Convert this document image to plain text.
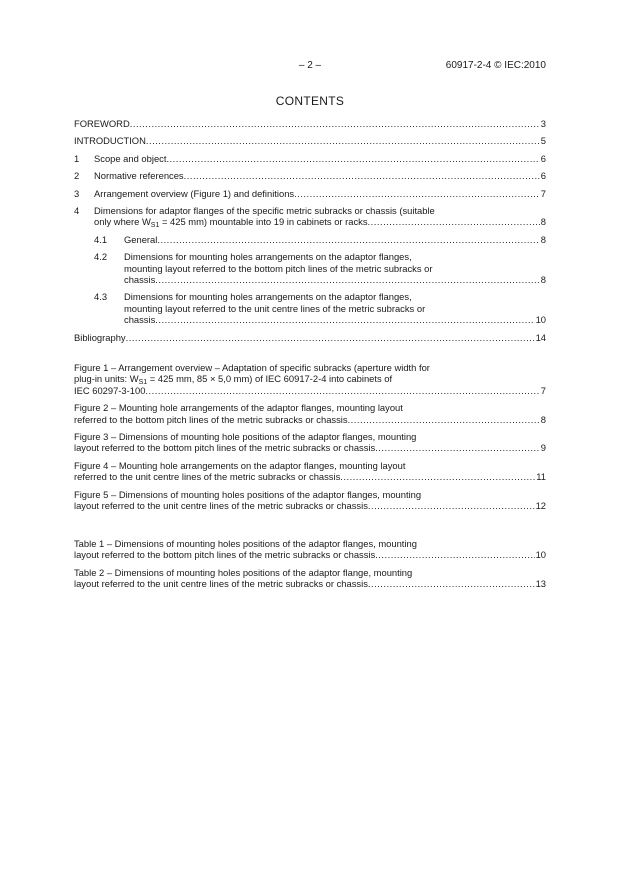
– 2 –	60917-2-4 © IEC:2010
CONTENTS
FOREWORD .....	3
INTRODUCTION .....	5
1 Scope and object .....	6
2 Normative references .....	6
3 Arrangement overview (Figure 1) and definitions .....	7
4 Dimensions for adaptor flanges of the specific metric subracks or chassis (suitable
only where $W_{S1} = 425$ mm) mountable into 19 in cabinets or racks .....	8
4.1 General .....	8
4.2 Dimensions for mounting holes arrangements on the adaptor flanges,
mounting layout referred to the bottom pitch lines of the metric subracks or
chassis .....	8
4.3 Dimensions for mounting holes arrangements on the adaptor flanges,
mounting layout referred to the unit centre lines of the metric subracks or
chassis .....	10
Bibliography .....	14
Figure 1 – Arrangement overview – Adaptation of specific subracks (aperture width for
plug-in units: $W_{S1} = 425$ mm, 85 × 5,0 mm) of IEC 60917-2-4 into cabinets of
IEC 60297-3-100 .....	7
Figure 2 – Mounting hole arrangements of the adaptor flanges, mounting layout
referred to the bottom pitch lines of the metric subracks or chassis .....	8
Figure 3 – Dimensions of mounting hole positions of the adaptor flanges, mounting
layout referred to the bottom pitch lines of the metric subracks or chassis .....	9
Figure 4 – Mounting hole arrangements on the adaptor flanges, mounting layout
referred to the unit centre lines of the metric subracks or chassis .....	11
Figure 5 – Dimensions of mounting holes positions of the adaptor flanges, mounting
layout referred to the unit centre lines of the metric subracks or chassis .....	12
Table 1 – Dimensions of mounting holes positions of the adaptor flanges, mounting
layout referred to the bottom pitch lines of the metric subracks or chassis .....	10
Table 2 – Dimensions of mounting holes positions of the adaptor flange, mounting
layout referred to the unit centre lines of the metric subracks or chassis .....	13
